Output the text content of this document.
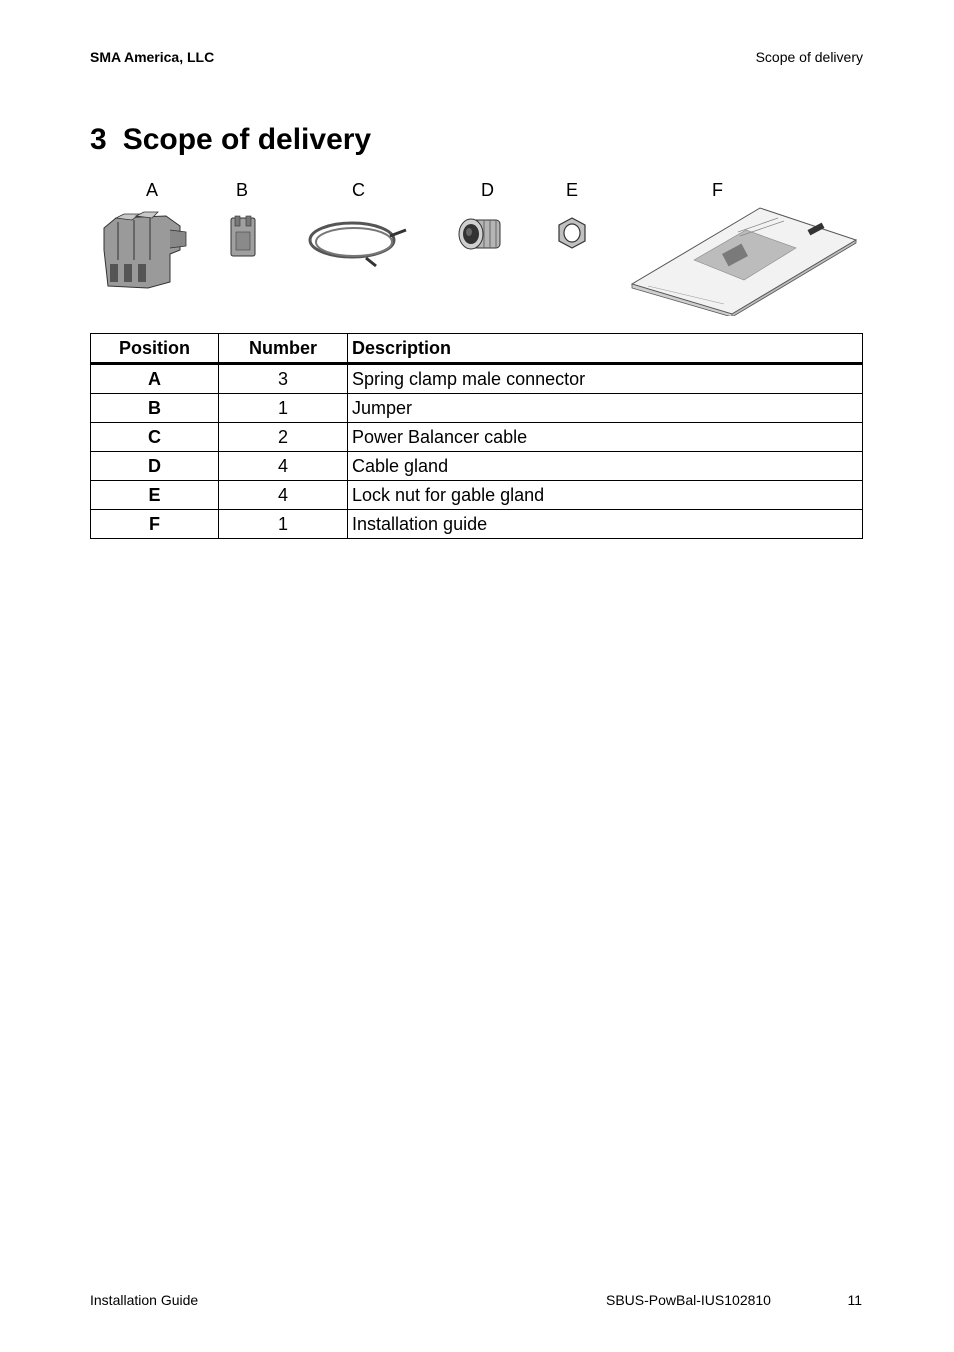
SMA America, LLC	Scope of delivery
3 Scope of delivery
A	B	C	D	E	F
Position	Number	Description
A	3	Spring clamp male connector
B	1	Jumper
C	2	Power Balancer cable
D	4	Cable gland
E	4	Lock nut for gable gland
F	1	Installation guide
Installation Guide	SBUS-PowBal-IUS102810	11
